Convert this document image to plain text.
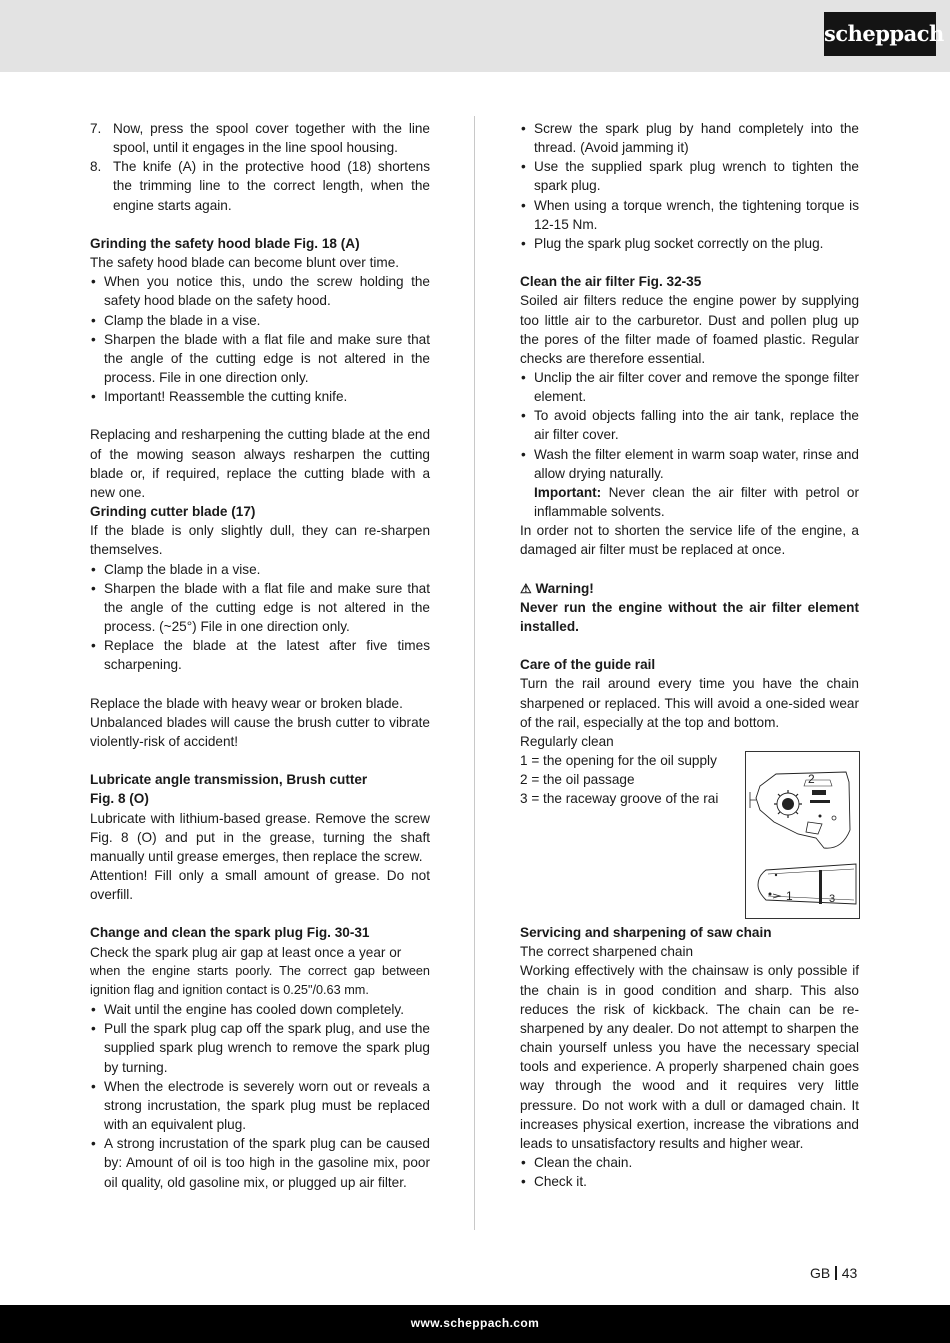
scheppach
7. Now, press the spool cover together with the line spool, until it engages in the line spool housing.
8. The knife (A) in the protective hood (18) shortens the trimming line to the correct length, when the engine starts again.

Grinding the safety hood blade Fig. 18 (A)

The safety hood blade can become blunt over time.

• When you notice this, undo the screw holding the safety hood blade on the safety hood.
• Clamp the blade in a vise.
• Sharpen the blade with a flat file and make sure that the angle of the cutting edge is not altered in the process. File in one direction only.
• Important! Reassemble the cutting knife.

Replacing and resharpening the cutting blade at the end of the mowing season always resharpen the cutting blade or, if required, replace the cutting blade with a new one.

Grinding cutter blade (17)

If the blade is only slightly dull, they can re-sharpen themselves.

• Clamp the blade in a vise.
• Sharpen the blade with a flat file and make sure that the angle of the cutting edge is not altered in the process. (~25°) File in one direction only.
• Replace the blade at the latest after five times scharpening.

Replace the blade with heavy wear or broken blade.

Unbalanced blades will cause the brush cutter to vibrate violently-risk of accident!

Lubricate angle transmission, Brush cutter

Fig. 8 (O)

Lubricate with lithium-based grease. Remove the screw Fig. 8 (O) and put in the grease, turning the shaft manually until grease emerges, then replace the screw.

Attention! Fill only a small amount of grease. Do not overfill.

Change and clean the spark plug Fig. 30-31

Check the spark plug air gap at least once a year or

when the engine starts poorly. The correct gap between ignition flag and ignition contact is 0.25"/0.63 mm.

• Wait until the engine has cooled down completely.
• Pull the spark plug cap off the spark plug, and use the supplied spark plug wrench to remove the spark plug by turning.
• When the electrode is severely worn out or reveals a strong incrustation, the spark plug must be replaced with an equivalent plug.
• A strong incrustation of the spark plug can be caused by: Amount of oil is too high in the gasoline mix, poor oil quality, old gasoline mix, or plugged up air filter.
• Screw the spark plug by hand completely into the thread. (Avoid jamming it)
• Use the supplied spark plug wrench to tighten the spark plug.
• When using a torque wrench, the tightening torque is 12-15 Nm.
• Plug the spark plug socket correctly on the plug.

Clean the air filter Fig. 32-35

Soiled air filters reduce the engine power by supplying too little air to the carburetor. Dust and pollen plug up the pores of the filter made of foamed plastic. Regular checks are therefore essential.

• Unclip the air filter cover and remove the sponge filter element.
• To avoid objects falling into the air tank, replace the air filter cover.
• Wash the filter element in warm soap water, rinse and allow drying naturally.
Important: Never clean the air filter with petrol or inflammable solvents.

In order not to shorten the service life of the engine, a damaged air filter must be replaced at once.

⚠ Warning!

Never run the engine without the air filter element installed.

Care of the guide rail

Turn the rail around every time you have the chain sharpened or replaced. This will avoid a one-sided wear of the rail, especially at the top and bottom.

Regularly clean

1 = the opening for the oil supply
2 = the oil passage
3 = the raceway groove of the rai
2
1	3

Servicing and sharpening of saw chain

The correct sharpened chain

Working effectively with the chainsaw is only possible if the chain is in good condition and sharp. This also reduces the risk of kickback. The chain can be re-sharpened by any dealer. Do not attempt to sharpen the chain yourself unless you have the necessary special tools and experience. A properly sharpened chain goes way through the wood and it requires very little pressure. Do not work with a dull or damaged chain. It increases physical exertion, increase the vibrations and leads to unsatisfactory results and higher wear.

• Clean the chain.
• Check it.
GB 43
www.scheppach.com
